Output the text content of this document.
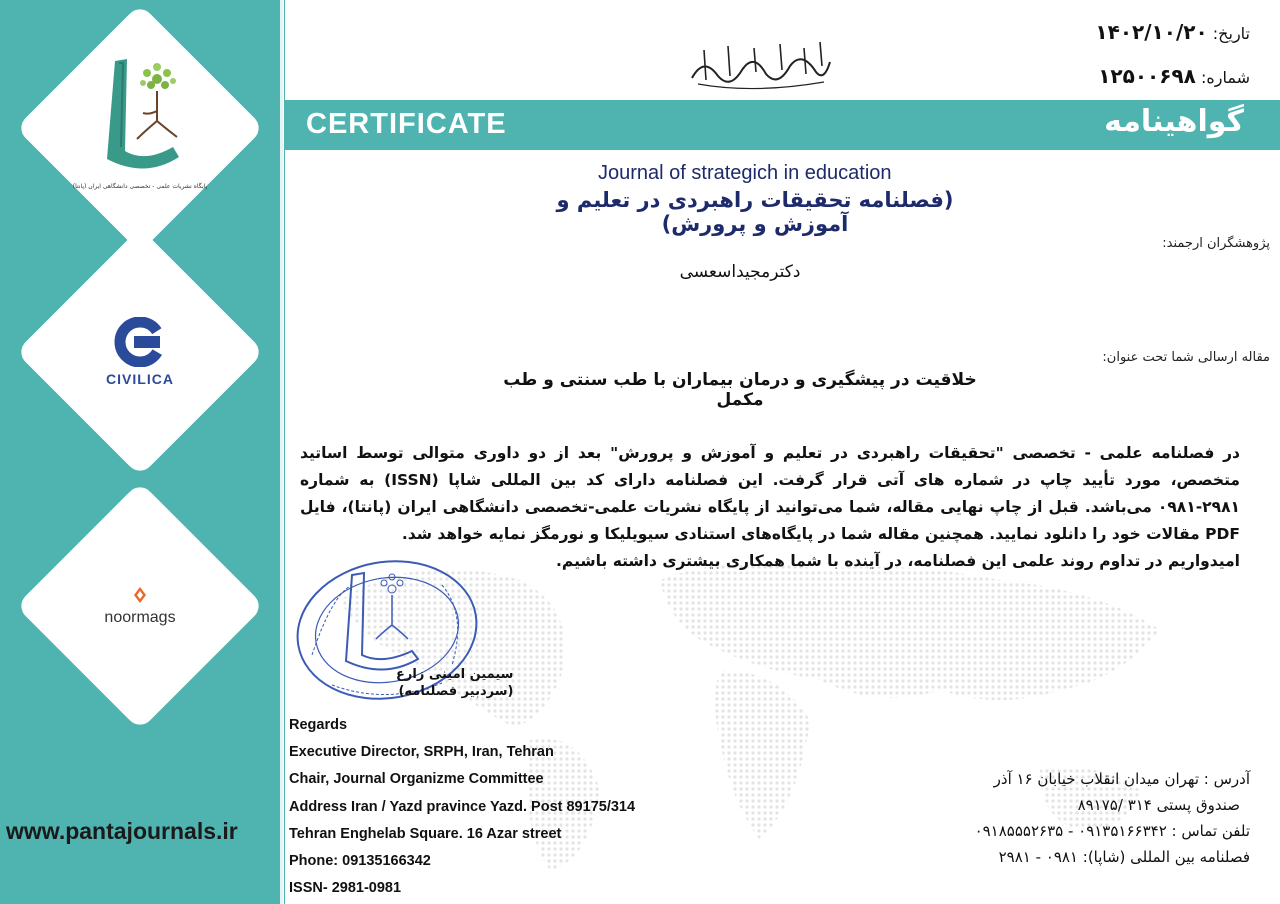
پایگاه نشریات علمی - تخصصی دانشگاهی ایران (پانتا)
CIVILICA
noormags
www.pantajournals.ir
تاریخ: ۱۴۰۲/۱۰/۲۰
شماره: ۱۲۵۰۰۶۹۸
CERTIFICATE	گواهینامه
Journal of strategich in education
(فصلنامه تحقیقات راهبردی در تعلیم و آموزش و پرورش)
پژوهشگران ارجمند:
دکترمجیداسعسی
مقاله ارسالی شما تحت عنوان:
خلاقیت در پیشگیری و درمان بیماران با طب سنتی و طب مکمل

در فصلنامه علمی - تخصصی "تحقیقات راهبردی در تعلیم و آموزش و پرورش" بعد از دو داوری متوالی توسط اساتید متخصص، مورد تأیید چاپ در شماره های آتی قرار گرفت. این فصلنامه دارای کد بین المللی شاپا (ISSN) به شماره ۲۹۸۱-۰۹۸۱ می‌باشد. قبل از چاپ نهایی مقاله، شما می‌توانید از پایگاه نشریات علمی-تخصصی دانشگاهی ایران (پانتا)، فایل PDF مقالات خود را دانلود نمایید. همچنین مقاله شما در پایگاه‌های استنادی سیویلیکا و نورمگز نمایه خواهد شد.

امیدواریم در تداوم روند علمی این فصلنامه، در آینده با شما همکاری بیشتری داشته باشیم.

سیمین امینی زارع
(سردبیر فصلنامه)
Regards
Executive Director, SRPH, Iran, Tehran
Chair, Journal Organizme Committee
Address Iran / Yazd pravince Yazd. Post 89175/314
Tehran Enghelab Square. 16 Azar street
Phone: 09135166342
ISSN- 2981-0981
آدرس : تهران میدان انقلاب خیابان ۱۶ آذر
صندوق پستی ۳۱۴ /۸۹۱۷۵
تلفن تماس : ۰۹۱۳۵۱۶۶۳۴۲ - ۰۹۱۸۵۵۵۲۶۳۵
فصلنامه بین المللی (شاپا): ۰۹۸۱ - ۲۹۸۱
